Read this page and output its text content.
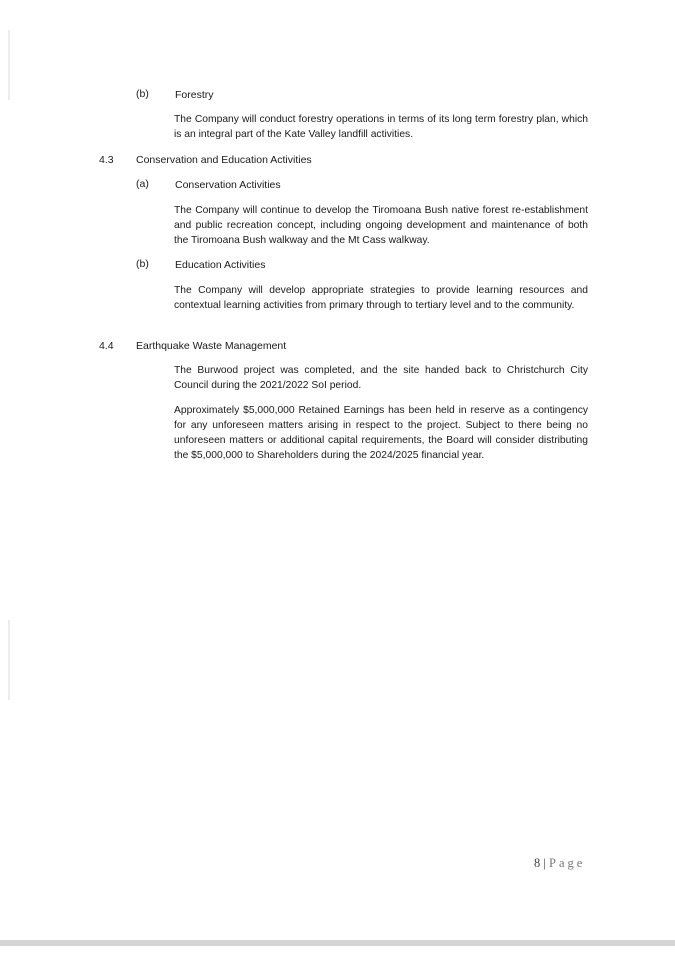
(b) Forestry
The Company will conduct forestry operations in terms of its long term forestry plan, which is an integral part of the Kate Valley landfill activities.
4.3 Conservation and Education Activities
(a) Conservation Activities
The Company will continue to develop the Tiromoana Bush native forest re-establishment and public recreation concept, including ongoing development and maintenance of both the Tiromoana Bush walkway and the Mt Cass walkway.
(b) Education Activities
The Company will develop appropriate strategies to provide learning resources and contextual learning activities from primary through to tertiary level and to the community.
4.4 Earthquake Waste Management
The Burwood project was completed, and the site handed back to Christchurch City Council during the 2021/2022 SoI period.
Approximately $5,000,000 Retained Earnings has been held in reserve as a contingency for any unforeseen matters arising in respect to the project. Subject to there being no unforeseen matters or additional capital requirements, the Board will consider distributing the $5,000,000 to Shareholders during the 2024/2025 financial year.
8 | Page
